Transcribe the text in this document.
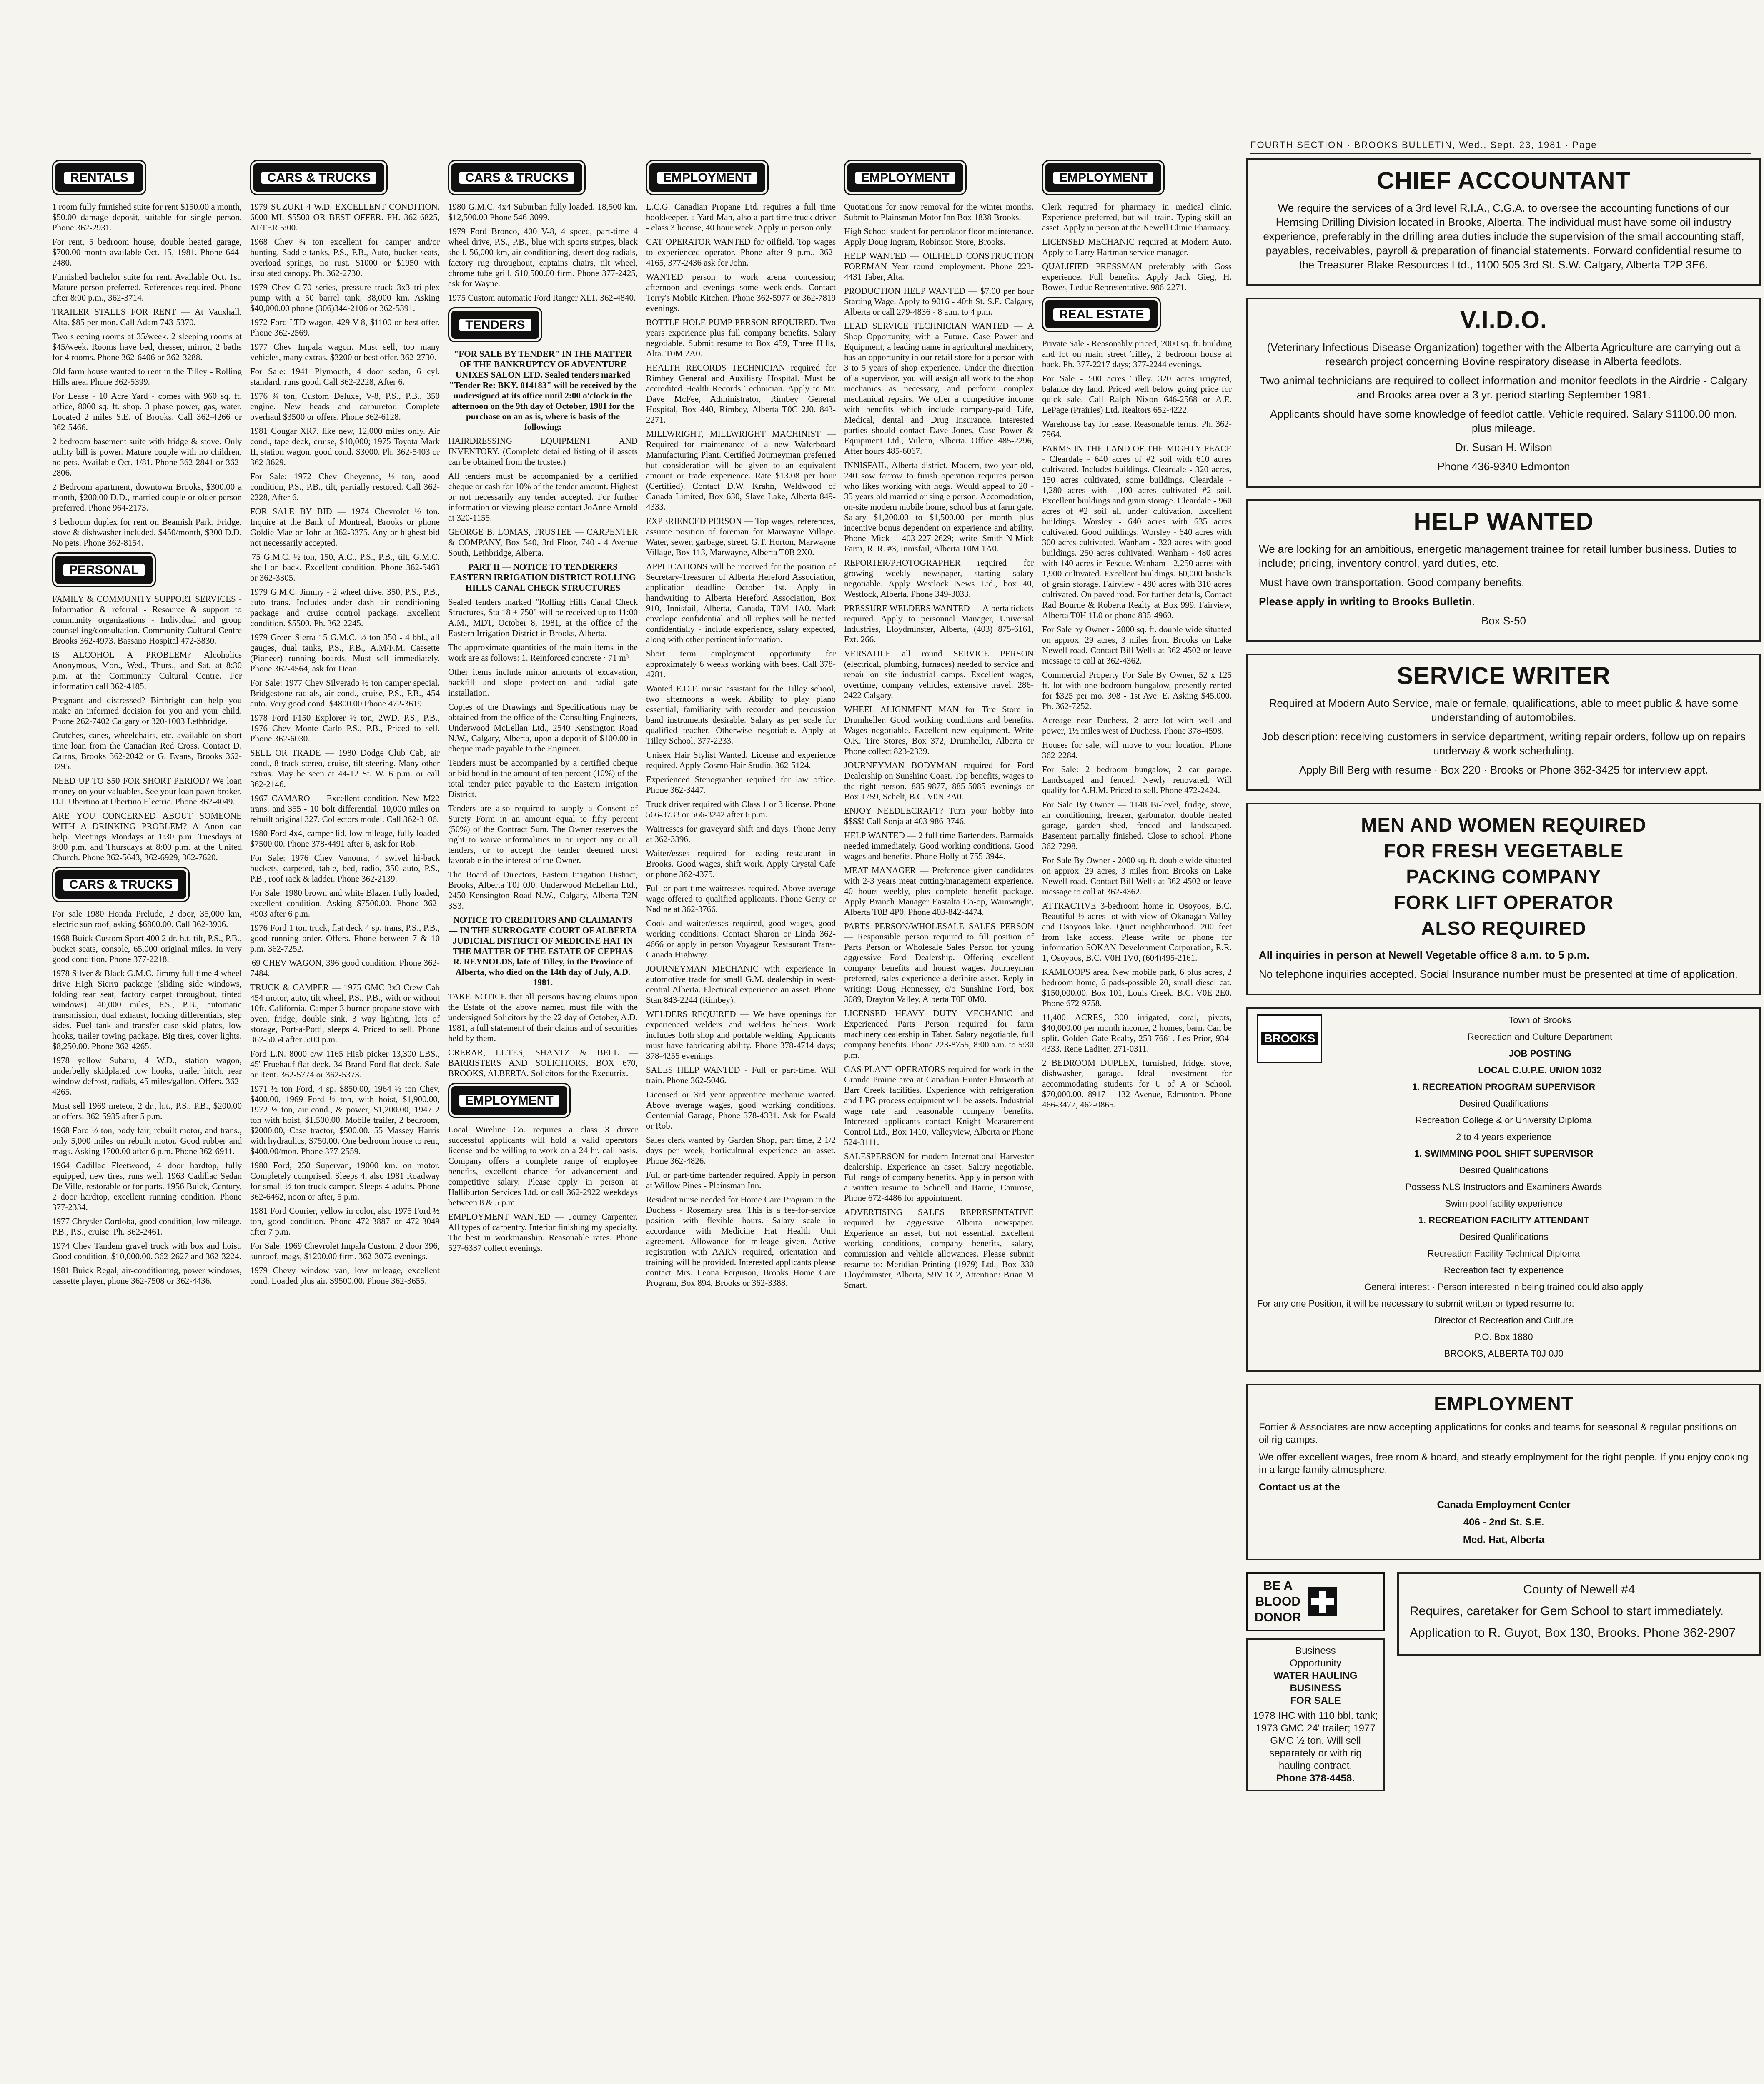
FOURTH SECTION · BROOKS BULLETIN, Wed., Sept. 23, 1981 · Page
RENTALS

1 room fully furnished suite for rent $150.00 a month, $50.00 damage deposit, suitable for single person. Phone 362-2931.

For rent, 5 bedroom house, double heated garage, $700.00 month available Oct. 15, 1981. Phone 644-2480.

Furnished bachelor suite for rent. Available Oct. 1st. Mature person preferred. References required. Phone after 8:00 p.m., 362-3714.

TRAILER STALLS FOR RENT — At Vauxhall, Alta. $85 per mon. Call Adam 743-5370.

Two sleeping rooms at 35/week. 2 sleeping rooms at $45/week. Rooms have bed, dresser, mirror, 2 baths for 4 rooms. Phone 362-6406 or 362-3288.

Old farm house wanted to rent in the Tilley - Rolling Hills area. Phone 362-5399.

For Lease - 10 Acre Yard - comes with 960 sq. ft. office, 8000 sq. ft. shop. 3 phase power, gas, water. Located 2 miles S.E. of Brooks. Call 362-4266 or 362-5466.

2 bedroom basement suite with fridge & stove. Only utility bill is power. Mature couple with no children, no pets. Available Oct. 1/81. Phone 362-2841 or 362-2806.

2 Bedroom apartment, downtown Brooks, $300.00 a month, $200.00 D.D., married couple or older person preferred. Phone 964-2173.

3 bedroom duplex for rent on Beamish Park. Fridge, stove & dishwasher included. $450/month, $300 D.D. No pets. Phone 362-8154.

PERSONAL

FAMILY & COMMUNITY SUPPORT SERVICES - Information & referral - Resource & support to community organizations - Individual and group counselling/consultation. Community Cultural Centre Brooks 362-4973. Bassano Hospital 472-3830.

IS ALCOHOL A PROBLEM? Alcoholics Anonymous, Mon., Wed., Thurs., and Sat. at 8:30 p.m. at the Community Cultural Centre. For information call 362-4185.

Pregnant and distressed? Birthright can help you make an informed decision for you and your child. Phone 262-7402 Calgary or 320-1003 Lethbridge.

Crutches, canes, wheelchairs, etc. available on short time loan from the Canadian Red Cross. Contact D. Cairns, Brooks 362-2042 or G. Evans, Brooks 362-3295.

NEED UP TO $50 FOR SHORT PERIOD? We loan money on your valuables. See your loan pawn broker. D.J. Ubertino at Ubertino Electric. Phone 362-4049.

ARE YOU CONCERNED ABOUT SOMEONE WITH A DRINKING PROBLEM? Al-Anon can help. Meetings Mondays at 1:30 p.m. Tuesdays at 8:00 p.m. and Thursdays at 8:00 p.m. at the United Church. Phone 362-5643, 362-6929, 362-7620.

CARS & TRUCKS

For sale 1980 Honda Prelude, 2 door, 35,000 km, electric sun roof, asking $6800.00. Call 362-3906.

1968 Buick Custom Sport 400 2 dr. h.t. tilt, P.S., P.B., bucket seats, console, 65,000 original miles. In very good condition. Phone 377-2218.

1978 Silver & Black G.M.C. Jimmy full time 4 wheel drive High Sierra package (sliding side windows, folding rear seat, factory carpet throughout, tinted windows). 40,000 miles, P.S., P.B., automatic transmission, dual exhaust, locking differentials, step sides. Fuel tank and transfer case skid plates, low hooks, trailer towing package. Big tires, cover lights. $8,250.00. Phone 362-4265.

1978 yellow Subaru, 4 W.D., station wagon, underbelly skidplated tow hooks, trailer hitch, rear window defrost, radials, 45 miles/gallon. Offers. 362-4265.

Must sell 1969 meteor, 2 dr., h.t., P.S., P.B., $200.00 or offers. 362-5935 after 5 p.m.

1968 Ford ½ ton, body fair, rebuilt motor, and trans., only 5,000 miles on rebuilt motor. Good rubber and mags. Asking 1700.00 after 6 p.m. Phone 362-6911.

1964 Cadillac Fleetwood, 4 door hardtop, fully equipped, new tires, runs well. 1963 Cadillac Sedan De Ville, restorable or for parts. 1956 Buick, Century, 2 door hardtop, excellent running condition. Phone 377-2334.

1977 Chrysler Cordoba, good condition, low mileage. P.B., P.S., cruise. Ph. 362-2461.

1974 Chev Tandem gravel truck with box and hoist. Good condition. $10,000.00. 362-2627 and 362-3224.

1981 Buick Regal, air-conditioning, power windows, cassette player, phone 362-7508 or 362-4436.

CARS & TRUCKS

1979 SUZUKI 4 W.D. EXCELLENT CONDITION. 6000 MI. $5500 OR BEST OFFER. PH. 362-6825, AFTER 5:00.

1968 Chev ¾ ton excellent for camper and/or hunting. Saddle tanks, P.S., P.B., Auto, bucket seats, overload springs, no rust. $1000 or $1950 with insulated canopy. Ph. 362-2730.

1979 Chev C-70 series, pressure truck 3x3 tri-plex pump with a 50 barrel tank. 38,000 km. Asking $40,000.00 phone (306)344-2106 or 362-5391.

1972 Ford LTD wagon, 429 V-8, $1100 or best offer. Phone 362-2569.

1977 Chev Impala wagon. Must sell, too many vehicles, many extras. $3200 or best offer. 362-2730.

For Sale: 1941 Plymouth, 4 door sedan, 6 cyl. standard, runs good. Call 362-2228, After 6.

1976 ¾ ton, Custom Deluxe, V-8, P.S., P.B., 350 engine. New heads and carburetor. Complete overhaul $3500 or offers. Phone 362-6128.

1981 Cougar XR7, like new, 12,000 miles only. Air cond., tape deck, cruise, $10,000; 1975 Toyota Mark II, station wagon, good cond. $3000. Ph. 362-5403 or 362-3629.

For Sale: 1972 Chev Cheyenne, ½ ton, good condition, P.S., P.B., tilt, partially restored. Call 362-2228, After 6.

FOR SALE BY BID — 1974 Chevrolet ½ ton. Inquire at the Bank of Montreal, Brooks or phone Goldie Mae or John at 362-3375. Any or highest bid not necessarily accepted.

'75 G.M.C. ½ ton, 150, A.C., P.S., P.B., tilt, G.M.C. shell on back. Excellent condition. Phone 362-5463 or 362-3305.

1979 G.M.C. Jimmy - 2 wheel drive, 350, P.S., P.B., auto trans. Includes under dash air conditioning package and cruise control package. Excellent condition. $5500. Ph. 362-2245.

1979 Green Sierra 15 G.M.C. ½ ton 350 - 4 bbl., all gauges, dual tanks, P.S., P.B., A.M/F.M. Cassette (Pioneer) running boards. Must sell immediately. Phone 362-4564, ask for Dean.

For Sale: 1977 Chev Silverado ½ ton camper special. Bridgestone radials, air cond., cruise, P.S., P.B., 454 auto. Very good cond. $4800.00 Phone 472-3619.

1978 Ford F150 Explorer ½ ton, 2WD, P.S., P.B., 1976 Chev Monte Carlo P.S., P.B., Priced to sell. Phone 362-6030.

SELL OR TRADE — 1980 Dodge Club Cab, air cond., 8 track stereo, cruise, tilt steering. Many other extras. May be seen at 44-12 St. W. 6 p.m. or call 362-2146.

1967 CAMARO — Excellent condition. New M22 trans. and 355 - 10 bolt differential. 10,000 miles on rebuilt original 327. Collectors model. Call 362-3106.

1980 Ford 4x4, camper lid, low mileage, fully loaded $7500.00. Phone 378-4491 after 6, ask for Rob.

For Sale: 1976 Chev Vanoura, 4 swivel hi-back buckets, carpeted, table, bed, radio, 350 auto, P.S., P.B., roof rack & ladder. Phone 362-2139.

For Sale: 1980 brown and white Blazer. Fully loaded, excellent condition. Asking $7500.00. Phone 362-4903 after 6 p.m.

1976 Ford 1 ton truck, flat deck 4 sp. trans, P.S., P.B., good running order. Offers. Phone between 7 & 10 p.m. 362-7252.

'69 CHEV WAGON, 396 good condition. Phone 362-7484.

TRUCK & CAMPER — 1975 GMC 3x3 Crew Cab 454 motor, auto, tilt wheel, P.S., P.B., with or without 10ft. California. Camper 3 burner propane stove with oven, fridge, double sink, 3 way lighting, lots of storage, Port-a-Potti, sleeps 4. Priced to sell. Phone 362-5054 after 5:00 p.m.

Ford L.N. 8000 c/w 1165 Hiab picker 13,300 LBS., 45' Fruehauf flat deck. 34 Brand Ford flat deck. Sale or Rent. 362-5774 or 362-5373.

1971 ½ ton Ford, 4 sp. $850.00, 1964 ½ ton Chev, $400.00, 1969 Ford ½ ton, with hoist, $1,900.00, 1972 ½ ton, air cond., & power, $1,200.00, 1947 2 ton with hoist, $1,500.00. Mobile trailer, 2 bedroom, $2000.00, Case tractor, $500.00. 55 Massey Harris with hydraulics, $750.00. One bedroom house to rent, $400.00/mon. Phone 377-2559.

1980 Ford, 250 Supervan, 19000 km. on motor. Completely comprised. Sleeps 4, also 1981 Roadway for small ½ ton truck camper. Sleeps 4 adults. Phone 362-6462, noon or after, 5 p.m.

1981 Ford Courier, yellow in color, also 1975 Ford ½ ton, good condition. Phone 472-3887 or 472-3049 after 7 p.m.

For Sale: 1969 Chevrolet Impala Custom, 2 door 396, sunroof, mags, $1200.00 firm. 362-3072 evenings.

1979 Chevy window van, low mileage, excellent cond. Loaded plus air. $9500.00. Phone 362-3655.

CARS & TRUCKS

1980 G.M.C. 4x4 Suburban fully loaded. 18,500 km. $12,500.00 Phone 546-3099.

1979 Ford Bronco, 400 V-8, 4 speed, part-time 4 wheel drive, P.S., P.B., blue with sports stripes, black shell. 56,000 km, air-conditioning, desert dog radials, factory rug throughout, captains chairs, tilt wheel, chrome tube grill. $10,500.00 firm. Phone 377-2425, ask for Wayne.

1975 Custom automatic Ford Ranger XLT. 362-4840.

TENDERS

"FOR SALE BY TENDER" IN THE MATTER OF THE BANKRUPTCY OF ADVENTURE UNIXES SALON LTD. Sealed tenders marked "Tender Re: BKY. 014183" will be received by the undersigned at its office until 2:00 o'clock in the afternoon on the 9th day of October, 1981 for the purchase on an as is, where is basis of the following:

HAIRDRESSING EQUIPMENT AND INVENTORY. (Complete detailed listing of il assets can be obtained from the trustee.)

All tenders must be accompanied by a certified cheque or cash for 10% of the tender amount. Highest or not necessarily any tender accepted. For further information or viewing please contact JoAnne Arnold at 320-1155.

GEORGE B. LOMAS, TRUSTEE — CARPENTER & COMPANY, Box 540, 3rd Floor, 740 - 4 Avenue South, Lethbridge, Alberta.

PART II — NOTICE TO TENDERERS EASTERN IRRIGATION DISTRICT ROLLING HILLS CANAL CHECK STRUCTURES

Sealed tenders marked "Rolling Hills Canal Check Structures, Sta 18 + 750" will be received up to 11:00 A.M., MDT, October 8, 1981, at the office of the Eastern Irrigation District in Brooks, Alberta.

The approximate quantities of the main items in the work are as follows: 1. Reinforced concrete · 71 m³

Other items include minor amounts of excavation, backfill and slope protection and radial gate installation.

Copies of the Drawings and Specifications may be obtained from the office of the Consulting Engineers, Underwood McLellan Ltd., 2540 Kensington Road N.W., Calgary, Alberta, upon a deposit of $100.00 in cheque made payable to the Engineer.

Tenders must be accompanied by a certified cheque or bid bond in the amount of ten percent (10%) of the total tender price payable to the Eastern Irrigation District.

Tenders are also required to supply a Consent of Surety Form in an amount equal to fifty percent (50%) of the Contract Sum. The Owner reserves the right to waive informalities in or reject any or all tenders, or to accept the tender deemed most favorable in the interest of the Owner.

The Board of Directors, Eastern Irrigation District, Brooks, Alberta T0J 0J0. Underwood McLellan Ltd., 2450 Kensington Road N.W., Calgary, Alberta T2N 3S3.

NOTICE TO CREDITORS AND CLAIMANTS — IN THE SURROGATE COURT OF ALBERTA JUDICIAL DISTRICT OF MEDICINE HAT IN THE MATTER OF THE ESTATE OF CEPHAS R. REYNOLDS, late of Tilley, in the Province of Alberta, who died on the 14th day of July, A.D. 1981.

TAKE NOTICE that all persons having claims upon the Estate of the above named must file with the undersigned Solicitors by the 22 day of October, A.D. 1981, a full statement of their claims and of securities held by them.

CRERAR, LUTES, SHANTZ & BELL — BARRISTERS AND SOLICITORS, BOX 670, BROOKS, ALBERTA. Solicitors for the Executrix.

EMPLOYMENT

Local Wireline Co. requires a class 3 driver successful applicants will hold a valid operators license and be willing to work on a 24 hr. call basis. Company offers a complete range of employee benefits, excellent chance for advancement and competitive salary. Please apply in person at Halliburton Services Ltd. or call 362-2922 weekdays between 8 & 5 p.m.

EMPLOYMENT WANTED — Journey Carpenter. All types of carpentry. Interior finishing my specialty. The best in workmanship. Reasonable rates. Phone 527-6337 collect evenings.

EMPLOYMENT

L.C.G. Canadian Propane Ltd. requires a full time bookkeeper. a Yard Man, also a part time truck driver - class 3 license, 40 hour week. Apply in person only.

CAT OPERATOR WANTED for oilfield. Top wages to experienced operator. Phone after 9 p.m., 362-4165, 377-2436 ask for John.

WANTED person to work arena concession; afternoon and evenings some week-ends. Contact Terry's Mobile Kitchen. Phone 362-5977 or 362-7819 evenings.

BOTTLE HOLE PUMP PERSON REQUIRED. Two years experience plus full company benefits. Salary negotiable. Submit resume to Box 459, Three Hills, Alta. T0M 2A0.

HEALTH RECORDS TECHNICIAN required for Rimbey General and Auxiliary Hospital. Must be accredited Health Records Technician. Apply to Mr. Dave McFee, Administrator, Rimbey General Hospital, Box 440, Rimbey, Alberta T0C 2J0. 843-2271.

MILLWRIGHT, MILLWRIGHT MACHINIST — Required for maintenance of a new Waferboard Manufacturing Plant. Certified Journeyman preferred but consideration will be given to an equivalent amount or trade experience. Rate $13.08 per hour (Certified). Contact D.W. Krahn, Weldwood of Canada Limited, Box 630, Slave Lake, Alberta 849-4333.

EXPERIENCED PERSON — Top wages, references, assume position of foreman for Marwayne Village. Water, sewer, garbage, street. G.T. Horton, Marwayne Village, Box 113, Marwayne, Alberta T0B 2X0.

APPLICATIONS will be received for the position of Secretary-Treasurer of Alberta Hereford Association, application deadline October 1st. Apply in handwriting to Alberta Hereford Association, Box 910, Innisfail, Alberta, Canada, T0M 1A0. Mark envelope confidential and all replies will be treated confidentially - include experience, salary expected, along with other pertinent information.

Short term employment opportunity for approximately 6 weeks working with bees. Call 378-4281.

Wanted E.O.F. music assistant for the Tilley school, two afternoons a week. Ability to play piano essential, familiarity with recorder and percussion band instruments desirable. Salary as per scale for qualified teacher. Otherwise negotiable. Apply at Tilley School, 377-2233.

Unisex Hair Stylist Wanted. License and experience required. Apply Cosmo Hair Studio. 362-5124.

Experienced Stenographer required for law office. Phone 362-3447.

Truck driver required with Class 1 or 3 license. Phone 566-3733 or 566-3242 after 6 p.m.

Waitresses for graveyard shift and days. Phone Jerry at 362-3396.

Waiter/esses required for leading restaurant in Brooks. Good wages, shift work. Apply Crystal Cafe or phone 362-4375.

Full or part time waitresses required. Above average wage offered to qualified applicants. Phone Gerry or Nadine at 362-3766.

Cook and waiter/esses required, good wages, good working conditions. Contact Sharon or Linda 362-4666 or apply in person Voyageur Restaurant Trans-Canada Highway.

JOURNEYMAN MECHANIC with experience in automotive trade for small G.M. dealership in west-central Alberta. Electrical experience an asset. Phone Stan 843-2244 (Rimbey).

WELDERS REQUIRED — We have openings for experienced welders and welders helpers. Work includes both shop and portable welding. Applicants must have fabricating ability. Phone 378-4714 days; 378-4255 evenings.

SALES HELP WANTED - Full or part-time. Will train. Phone 362-5046.

Licensed or 3rd year apprentice mechanic wanted. Above average wages, good working conditions. Centennial Garage, Phone 378-4331. Ask for Ewald or Rob.

Sales clerk wanted by Garden Shop, part time, 2 1/2 days per week, horticultural experience an asset. Phone 362-4826.

Full or part-time bartender required. Apply in person at Willow Pines - Plainsman Inn.

Resident nurse needed for Home Care Program in the Duchess - Rosemary area. This is a fee-for-service position with flexible hours. Salary scale in accordance with Medicine Hat Health Unit agreement. Allowance for mileage given. Active registration with AARN required, orientation and training will be provided. Interested applicants please contact Mrs. Leona Ferguson, Brooks Home Care Program, Box 894, Brooks or 362-3388.

EMPLOYMENT

Quotations for snow removal for the winter months. Submit to Plainsman Motor Inn Box 1838 Brooks.

High School student for percolator floor maintenance. Apply Doug Ingram, Robinson Store, Brooks.

HELP WANTED — OILFIELD CONSTRUCTION FOREMAN Year round employment. Phone 223-4431 Taber, Alta.

PRODUCTION HELP WANTED — $7.00 per hour Starting Wage. Apply to 9016 - 40th St. S.E. Calgary, Alberta or call 279-4836 - 8 a.m. to 4 p.m.

LEAD SERVICE TECHNICIAN WANTED — A Shop Opportunity, with a Future. Case Power and Equipment, a leading name in agricultural machinery, has an opportunity in our retail store for a person with 3 to 5 years of shop experience. Under the direction of a supervisor, you will assign all work to the shop mechanics as necessary, and perform complex mechanical repairs. We offer a competitive income with benefits which include company-paid Life, Medical, dental and Drug Insurance. Interested parties should contact Dave Jones, Case Power & Equipment Ltd., Vulcan, Alberta. Office 485-2296, After hours 485-6067.

INNISFAIL, Alberta district. Modern, two year old, 240 sow farrow to finish operation requires person who likes working with hogs. Would appeal to 20 - 35 years old married or single person. Accomodation, on-site modern mobile home, school bus at farm gate. Salary $1,200.00 to $1,500.00 per month plus incentive bonus dependent on experience and ability. Phone Mick 1-403-227-2629; write Smith-N-Mick Farm, R. R. #3, Innisfail, Alberta T0M 1A0.

REPORTER/PHOTOGRAPHER required for growing weekly newspaper, starting salary negotiable. Apply Westlock News Ltd., box 40, Westlock, Alberta. Phone 349-3033.

PRESSURE WELDERS WANTED — Alberta tickets required. Apply to personnel Manager, Universal Industries, Lloydminster, Alberta, (403) 875-6161, Ext. 266.

VERSATILE all round SERVICE PERSON (electrical, plumbing, furnaces) needed to service and repair on site industrial camps. Excellent wages, overtime, company vehicles, extensive travel. 286-2422 Calgary.

WHEEL ALIGNMENT MAN for Tire Store in Drumheller. Good working conditions and benefits. Wages negotiable. Excellent new equipment. Write O.K. Tire Stores, Box 372, Drumheller, Alberta or Phone collect 823-2339.

JOURNEYMAN BODYMAN required for Ford Dealership on Sunshine Coast. Top benefits, wages to the right person. 885-9877, 885-5085 evenings or Box 1759, Schelt, B.C. V0N 3A0.

ENJOY NEEDLECRAFT? Turn your hobby into $$$$! Call Sonja at 403-986-3746.

HELP WANTED — 2 full time Bartenders. Barmaids needed immediately. Good working conditions. Good wages and benefits. Phone Holly at 755-3944.

MEAT MANAGER — Preference given candidates with 2-3 years meat cutting/management experience. 40 hours weekly, plus complete benefit package. Apply Branch Manager Eastalta Co-op, Wainwright, Alberta T0B 4P0. Phone 403-842-4474.

PARTS PERSON/WHOLESALE SALES PERSON — Responsible person required to fill position of Parts Person or Wholesale Sales Person for young aggressive Ford Dealership. Offering excellent company benefits and honest wages. Journeyman preferred, sales experience a definite asset. Reply in writing: Doug Hennessey, c/o Sunshine Ford, box 3089, Drayton Valley, Alberta T0E 0M0.

LICENSED HEAVY DUTY MECHANIC and Experienced Parts Person required for farm machinery dealership in Taber. Salary negotiable, full company benefits. Phone 223-8755, 8:00 a.m. to 5:30 p.m.

GAS PLANT OPERATORS required for work in the Grande Prairie area at Canadian Hunter Elmworth at Barr Creek facilities. Experience with refrigeration and LPG process equipment will be assets. Industrial wage rate and reasonable company benefits. Interested applicants contact Knight Measurement Control Ltd., Box 1410, Valleyview, Alberta or Phone 524-3111.

SALESPERSON for modern International Harvester dealership. Experience an asset. Salary negotiable. Full range of company benefits. Apply in person with a written resume to Schnell and Barrie, Camrose, Phone 672-4486 for appointment.

ADVERTISING SALES REPRESENTATIVE required by aggressive Alberta newspaper. Experience an asset, but not essential. Excellent working conditions, company benefits, salary, commission and vehicle allowances. Please submit resume to: Meridian Printing (1979) Ltd., Box 330 Lloydminster, Alberta, S9V 1C2, Attention: Brian M Smart.

EMPLOYMENT

Clerk required for pharmacy in medical clinic. Experience preferred, but will train. Typing skill an asset. Apply in person at the Newell Clinic Pharmacy.

LICENSED MECHANIC required at Modern Auto. Apply to Larry Hartman service manager.

QUALIFIED PRESSMAN preferably with Goss experience. Full benefits. Apply Jack Gieg, H. Bowes, Leduc Representative. 986-2271.

REAL ESTATE

Private Sale - Reasonably priced, 2000 sq. ft. building and lot on main street Tilley, 2 bedroom house at back. Ph. 377-2217 days; 377-2244 evenings.

For Sale - 500 acres Tilley. 320 acres irrigated, balance dry land. Priced well below going price for quick sale. Call Ralph Nixon 646-2568 or A.E. LePage (Prairies) Ltd. Realtors 652-4222.

Warehouse bay for lease. Reasonable terms. Ph. 362-7964.

FARMS IN THE LAND OF THE MIGHTY PEACE - Cleardale - 640 acres of #2 soil with 610 acres cultivated. Includes buildings. Cleardale - 320 acres, 150 acres cultivated, some buildings. Cleardale - 1,280 acres with 1,100 acres cultivated #2 soil. Excellent buildings and grain storage. Cleardale - 960 acres of #2 soil all under cultivation. Excellent buildings. Worsley - 640 acres with 635 acres cultivated. Good buildings. Worsley - 640 acres with 300 acres cultivated. Wanham - 320 acres with good buildings. 250 acres cultivated. Wanham - 480 acres with 140 acres in Fescue. Wanham - 2,250 acres with 1,900 cultivated. Excellent buildings. 60,000 bushels of grain storage. Fairview - 480 acres with 310 acres cultivated. On paved road. For further details, Contact Rad Bourne & Roberta Realty at Box 999, Fairview, Alberta T0H 1L0 or phone 835-4960.

For Sale by Owner - 2000 sq. ft. double wide situated on approx. 29 acres, 3 miles from Brooks on Lake Newell road. Contact Bill Wells at 362-4502 or leave message to call at 362-4362.

Commercial Property For Sale By Owner, 52 x 125 ft. lot with one bedroom bungalow, presently rented for $325 per mo. 308 - 1st Ave. E. Asking $45,000. Ph. 362-7252.

Acreage near Duchess, 2 acre lot with well and power, 1½ miles west of Duchess. Phone 378-4598.

Houses for sale, will move to your location. Phone 362-2284.

For Sale: 2 bedroom bungalow, 2 car garage. Landscaped and fenced. Newly renovated. Will qualify for A.H.M. Priced to sell. Phone 472-2424.

For Sale By Owner — 1148 Bi-level, fridge, stove, air conditioning, freezer, garburator, double heated garage, garden shed, fenced and landscaped. Basement partially finished. Close to school. Phone 362-7298.

For Sale By Owner - 2000 sq. ft. double wide situated on approx. 29 acres, 3 miles from Brooks on Lake Newell road. Contact Bill Wells at 362-4502 or leave message to call at 362-4362.

ATTRACTIVE 3-bedroom home in Osoyoos, B.C. Beautiful ½ acres lot with view of Okanagan Valley and Osoyoos lake. Quiet neighbourhood. 200 feet from lake access. Please write or phone for information SOKAN Development Corporation, R.R. 1, Osoyoos, B.C. V0H 1V0, (604)495-2161.

KAMLOOPS area. New mobile park, 6 plus acres, 2 bedroom home, 6 pads-possible 20, small diesel cat. $150,000.00. Box 101, Louis Creek, B.C. V0E 2E0. Phone 672-9758.

11,400 ACRES, 300 irrigated, coral, pivots, $40,000.00 per month income, 2 homes, barn. Can be split. Golden Gate Realty, 253-7661. Les Prior, 934-4333. Rene Laditer, 271-0311.

2 BEDROOM DUPLEX, furnished, fridge, stove, dishwasher, garage. Ideal investment for accommodating students for U of A or School. $70,000.00. 8917 - 132 Avenue, Edmonton. Phone 466-3477, 462-0865.

CHIEF ACCOUNTANT

We require the services of a 3rd level R.I.A., C.G.A. to oversee the accounting functions of our Hemsing Drilling Division located in Brooks, Alberta. The individual must have some oil industry experience, preferably in the drilling area duties include the supervision of the small accounting staff, payables, receivables, payroll & preparation of financial statements. Forward confidential resume to the Treasurer Blake Resources Ltd., 1100 505 3rd St. S.W. Calgary, Alberta T2P 3E6.

V.I.D.O.

(Veterinary Infectious Disease Organization) together with the Alberta Agriculture are carrying out a research project concerning Bovine respiratory disease in Alberta feedlots.

Two animal technicians are required to collect information and monitor feedlots in the Airdrie - Calgary and Brooks area over a 3 yr. period starting September 1981.

Applicants should have some knowledge of feedlot cattle. Vehicle required. Salary $1100.00 mon. plus mileage.

Dr. Susan H. Wilson

Phone 436-9340 Edmonton

HELP WANTED

We are looking for an ambitious, energetic management trainee for retail lumber business. Duties to include; pricing, inventory control, yard duties, etc.

Must have own transportation. Good company benefits.

Please apply in writing to Brooks Bulletin.

Box S-50

SERVICE WRITER

Required at Modern Auto Service, male or female, qualifications, able to meet public & have some understanding of automobiles.

Job description: receiving customers in service department, writing repair orders, follow up on repairs underway & work scheduling.

Apply Bill Berg with resume · Box 220 · Brooks or Phone 362-3425 for interview appt.

MEN AND WOMEN REQUIRED
FOR FRESH VEGETABLE
PACKING COMPANY
FORK LIFT OPERATOR
ALSO REQUIRED

All inquiries in person at Newell Vegetable office 8 a.m. to 5 p.m.

No telephone inquiries accepted. Social Insurance number must be presented at time of application.

BROOKS

Town of Brooks

Recreation and Culture Department

JOB POSTING

LOCAL C.U.P.E. UNION 1032

1. RECREATION PROGRAM SUPERVISOR

Desired Qualifications

Recreation College & or University Diploma

2 to 4 years experience

1. SWIMMING POOL SHIFT SUPERVISOR

Desired Qualifications

Possess NLS Instructors and Examiners Awards

Swim pool facility experience

1. RECREATION FACILITY ATTENDANT

Desired Qualifications

Recreation Facility Technical Diploma

Recreation facility experience

General interest · Person interested in being trained could also apply

For any one Position, it will be necessary to submit written or typed resume to:

Director of Recreation and Culture

P.O. Box 1880

BROOKS, ALBERTA T0J 0J0

EMPLOYMENT

Fortier & Associates are now accepting applications for cooks and teams for seasonal & regular positions on oil rig camps.

We offer excellent wages, free room & board, and steady employment for the right people. If you enjoy cooking in a large family atmosphere.

Contact us at the

Canada Employment Center

406 - 2nd St. S.E.

Med. Hat, Alberta

BE A
BLOOD
DONOR
Business
Opportunity
WATER HAULING
BUSINESS
FOR SALE
1978 IHC with 110 bbl. tank; 1973 GMC 24' trailer; 1977 GMC ½ ton. Will sell separately or with rig hauling contract.
Phone 378-4458.

County of Newell #4

Requires, caretaker for Gem School to start immediately.

Application to R. Guyot, Box 130, Brooks. Phone 362-2907
